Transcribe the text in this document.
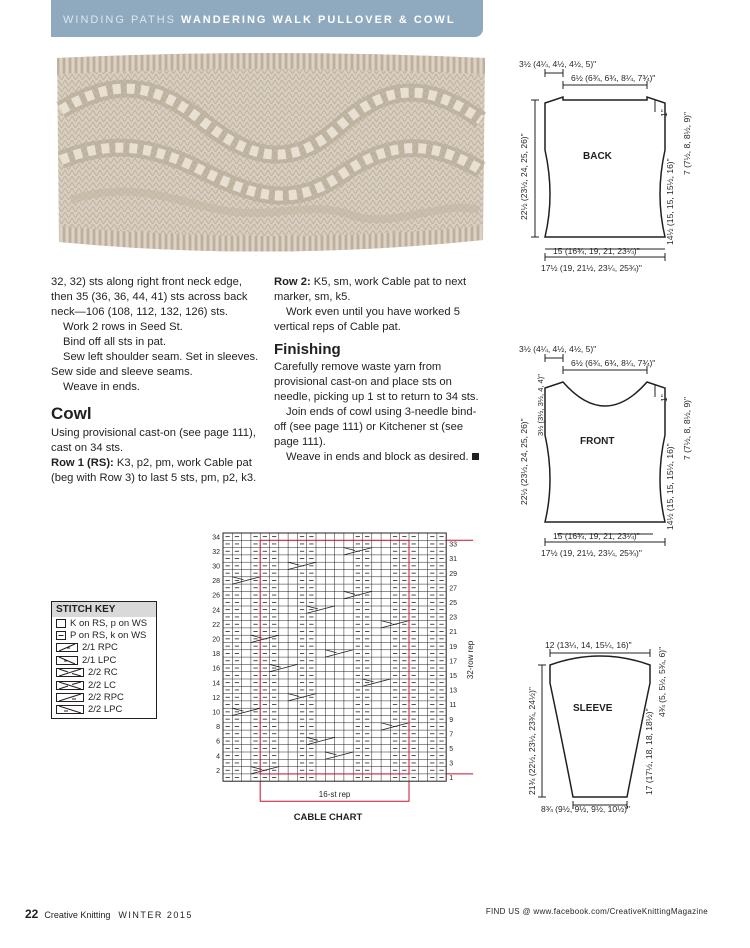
WINDING PATHS WANDERING WALK PULLOVER & COWL

32, 32) sts along right front neck edge, then 35 (36, 36, 44, 41) sts across back neck—106 (108, 112, 132, 126) sts.

Work 2 rows in Seed St.

Bind off all sts in pat.

Sew left shoulder seam. Set in sleeves. Sew side and sleeve seams.

Weave in ends.

Cowl

Using provisional cast-on (see page 111), cast on 34 sts.

Row 1 (RS): K3, p2, pm, work Cable pat (beg with Row 3) to last 5 sts, pm, p2, k3.

Row 2: K5, sm, work Cable pat to next marker, sm, k5.

Work even until you have worked 5 vertical reps of Cable pat.

Finishing

Carefully remove waste yarn from provisional cast-on and place sts on needle, picking up 1 st to return to 34 sts.

Join ends of cowl using 3-needle bind-off (see page 111) or Kitchener st (see page 111).

Weave in ends and block as desired.

3½ (4¼, 4½, 4½, 5)"
6½ (6¾, 6¾, 8¼, 7¾)"
BACK
15 (16¾, 19, 21, 23¼)"
17½ (19, 21½, 23¼, 25¾)"
22½ (23½, 24, 25, 26)"
1" 7 (7½, 8, 8½, 9)"
14½ (15, 15, 15½, 16)"
3½ (4¼, 4½, 4½, 5)"
6½ (6¾, 6¾, 8¼, 7¾)"
FRONT
15 (16¾, 19, 21, 23¼)"
17½ (19, 21½, 23¼, 25¾)"
22½ (23½, 24, 25, 26)"
3½ (3½, 3½, 4, 4)"	1" 7 (7½, 8, 8½, 9)"
14½ (15, 15, 15½, 16)"
12 (13¼, 14, 15¼, 16)"
SLEEVE
8¾ (9½, 9½, 9½, 10½)"
21¾ (22½, 23½, 23¾, 24½)"
4¾ (5, 5½, 5¾, 6)"
17 (17½, 18, 18, 18½)"
STITCH KEY
K on RS, p on WS
P on RS, k on WS
2/1 RPC
2/1 LPC
2/2 RC
2/2 LC
2/2 RPC
2/2 LPC
34
32
30
28
26
24
22
20
18
16
14
12
10
8
6
4
2
33
31
29
27
25
23
21
19
17
15
13
11
9
7
5
3
1
16-st rep
32-row rep
CABLE CHART
22 Creative Knitting WINTER 2015	FIND US @ www.facebook.com/CreativeKnittingMagazine
